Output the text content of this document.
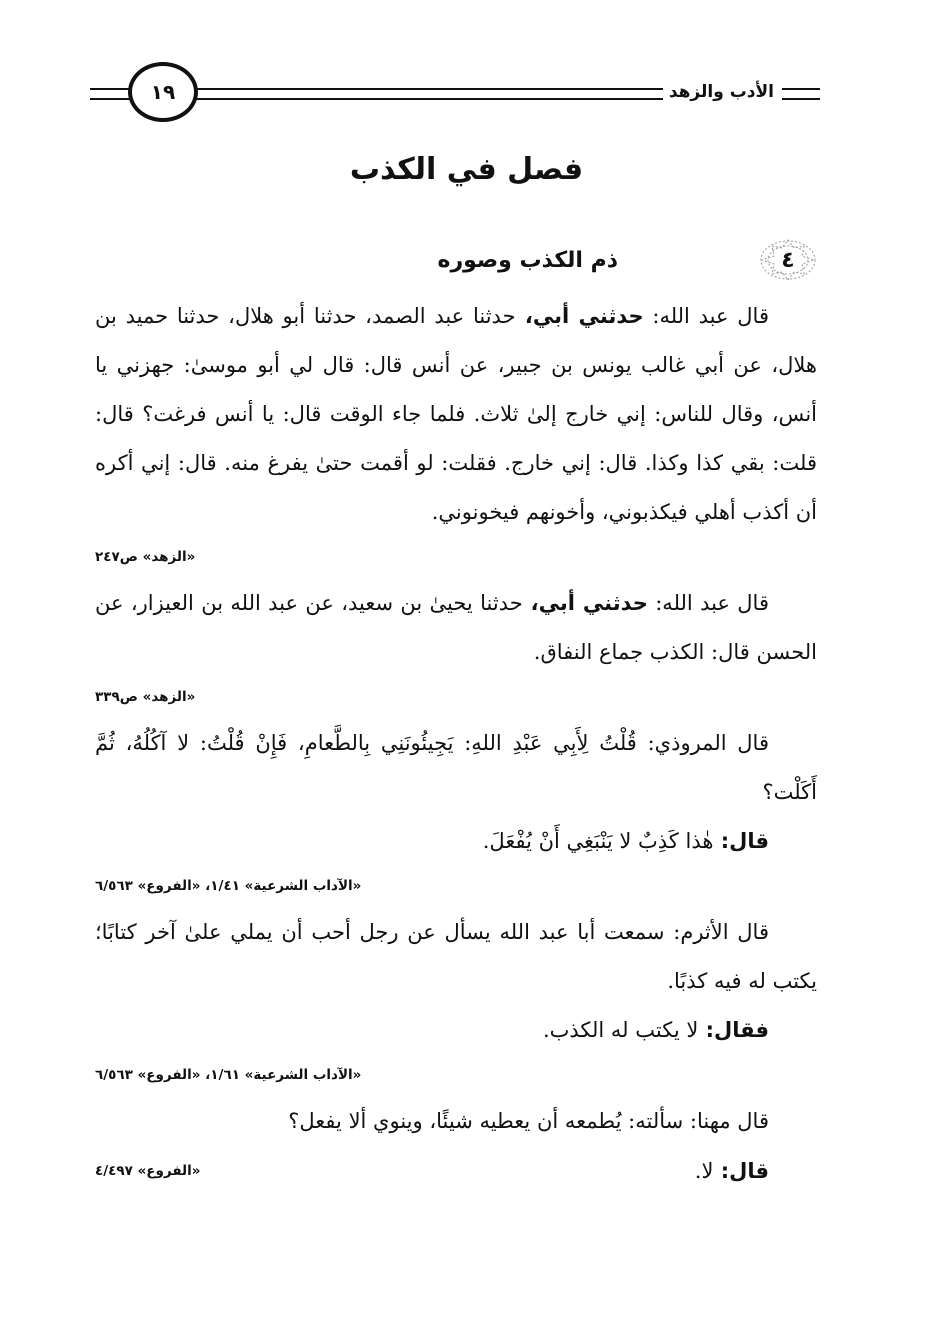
الأدب والزهد
١٩
فصل في الكذب
٤
ذم الكذب وصوره

قال عبد الله: حدثني أبي، حدثنا عبد الصمد، حدثنا أبو هلال، حدثنا حميد بن هلال، عن أبي غالب يونس بن جبير، عن أنس قال: قال لي أبو موسىٰ: جهزني يا أنس، وقال للناس: إني خارج إلىٰ ثلاث. فلما جاء الوقت قال: يا أنس فرغت؟ قال: قلت: بقي كذا وكذا. قال: إني خارج. فقلت: لو أقمت حتىٰ يفرغ منه. قال: إني أكره أن أكذب أهلي فيكذبوني، وأخونهم فيخونوني.

«الزهد» ص٢٤٧

قال عبد الله: حدثني أبي، حدثنا يحيىٰ بن سعيد، عن عبد الله بن العيزار، عن الحسن قال: الكذب جماع النفاق.

«الزهد» ص٣٣٩

قال المروذي: قُلْتُ لِأَبِي عَبْدِ اللهِ: يَجِيئُونَنِي بِالطَّعامِ، فَإِنْ قُلْتُ: لا آكُلُهُ، ثُمَّ أَكَلْت؟

قال: هٰذا كَذِبٌ لا يَنْبَغِي أَنْ يُفْعَلَ.

«الآداب الشرعية» ١/٤١، «الفروع» ٦/٥٦٣

قال الأثرم: سمعت أبا عبد الله يسأل عن رجل أحب أن يملي علىٰ آخر كتابًا؛ يكتب له فيه كذبًا.

فقال: لا يكتب له الكذب.

«الآداب الشرعية» ١/٦١، «الفروع» ٦/٥٦٣

قال مهنا: سألته: يُطمعه أن يعطيه شيئًا، وينوي ألا يفعل؟

قال: لا.
«الفروع» ٤/٤٩٧
